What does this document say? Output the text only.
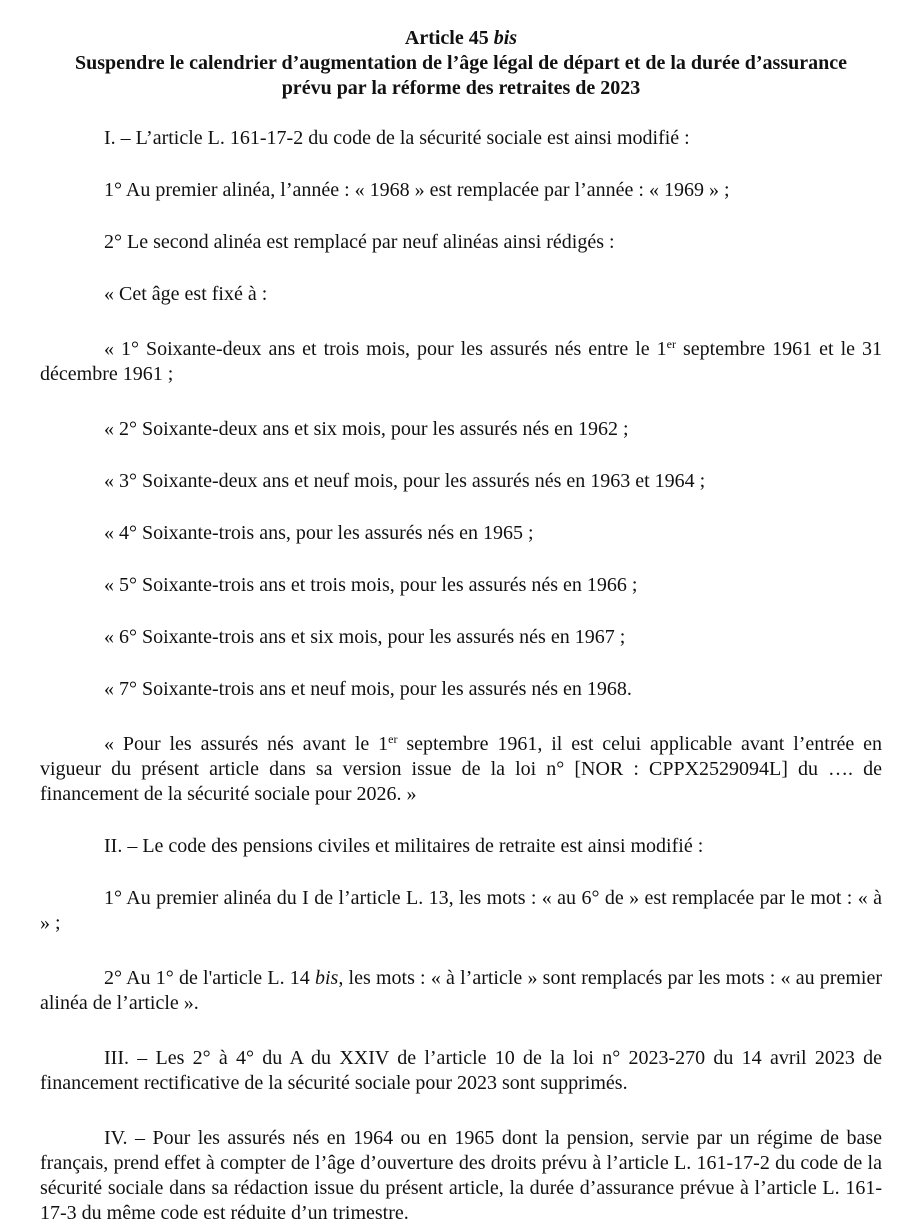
Article 45 bis
Suspendre le calendrier d’augmentation de l’âge légal de départ et de la durée d’assurance
prévu par la réforme des retraites de 2023

I. – L’article L. 161-17-2 du code de la sécurité sociale est ainsi modifié :

1° Au premier alinéa, l’année : « 1968 » est remplacée par l’année : « 1969 » ;

2° Le second alinéa est remplacé par neuf alinéas ainsi rédigés :

« Cet âge est fixé à :

« 1° Soixante-deux ans et trois mois, pour les assurés nés entre le 1er septembre 1961 et le 31 décembre 1961 ;

« 2° Soixante-deux ans et six mois, pour les assurés nés en 1962 ;

« 3° Soixante-deux ans et neuf mois, pour les assurés nés en 1963 et 1964 ;

« 4° Soixante-trois ans, pour les assurés nés en 1965 ;

« 5° Soixante-trois ans et trois mois, pour les assurés nés en 1966 ;

« 6° Soixante-trois ans et six mois, pour les assurés nés en 1967 ;

« 7° Soixante-trois ans et neuf mois, pour les assurés nés en 1968.

« Pour les assurés nés avant le 1er septembre 1961, il est celui applicable avant l’entrée en vigueur du présent article dans sa version issue de la loi n° [NOR : CPPX2529094L] du …. de financement de la sécurité sociale pour 2026. »

II. – Le code des pensions civiles et militaires de retraite est ainsi modifié :

1° Au premier alinéa du I de l’article L. 13, les mots : « au 6° de » est remplacée par le mot : « à » ;

2° Au 1° de l'article L. 14 bis, les mots : « à l’article » sont remplacés par les mots : « au premier alinéa de l’article ».

III. – Les 2° à 4° du A du XXIV de l’article 10 de la loi n° 2023-270 du 14 avril 2023 de financement rectificative de la sécurité sociale pour 2023 sont supprimés.

IV. – Pour les assurés nés en 1964 ou en 1965 dont la pension, servie par un régime de base français, prend effet à compter de l’âge d’ouverture des droits prévu à l’article L. 161-17-2 du code de la sécurité sociale dans sa rédaction issue du présent article, la durée d’assurance prévue à l’article L. 161-17-3 du même code est réduite d’un trimestre.
